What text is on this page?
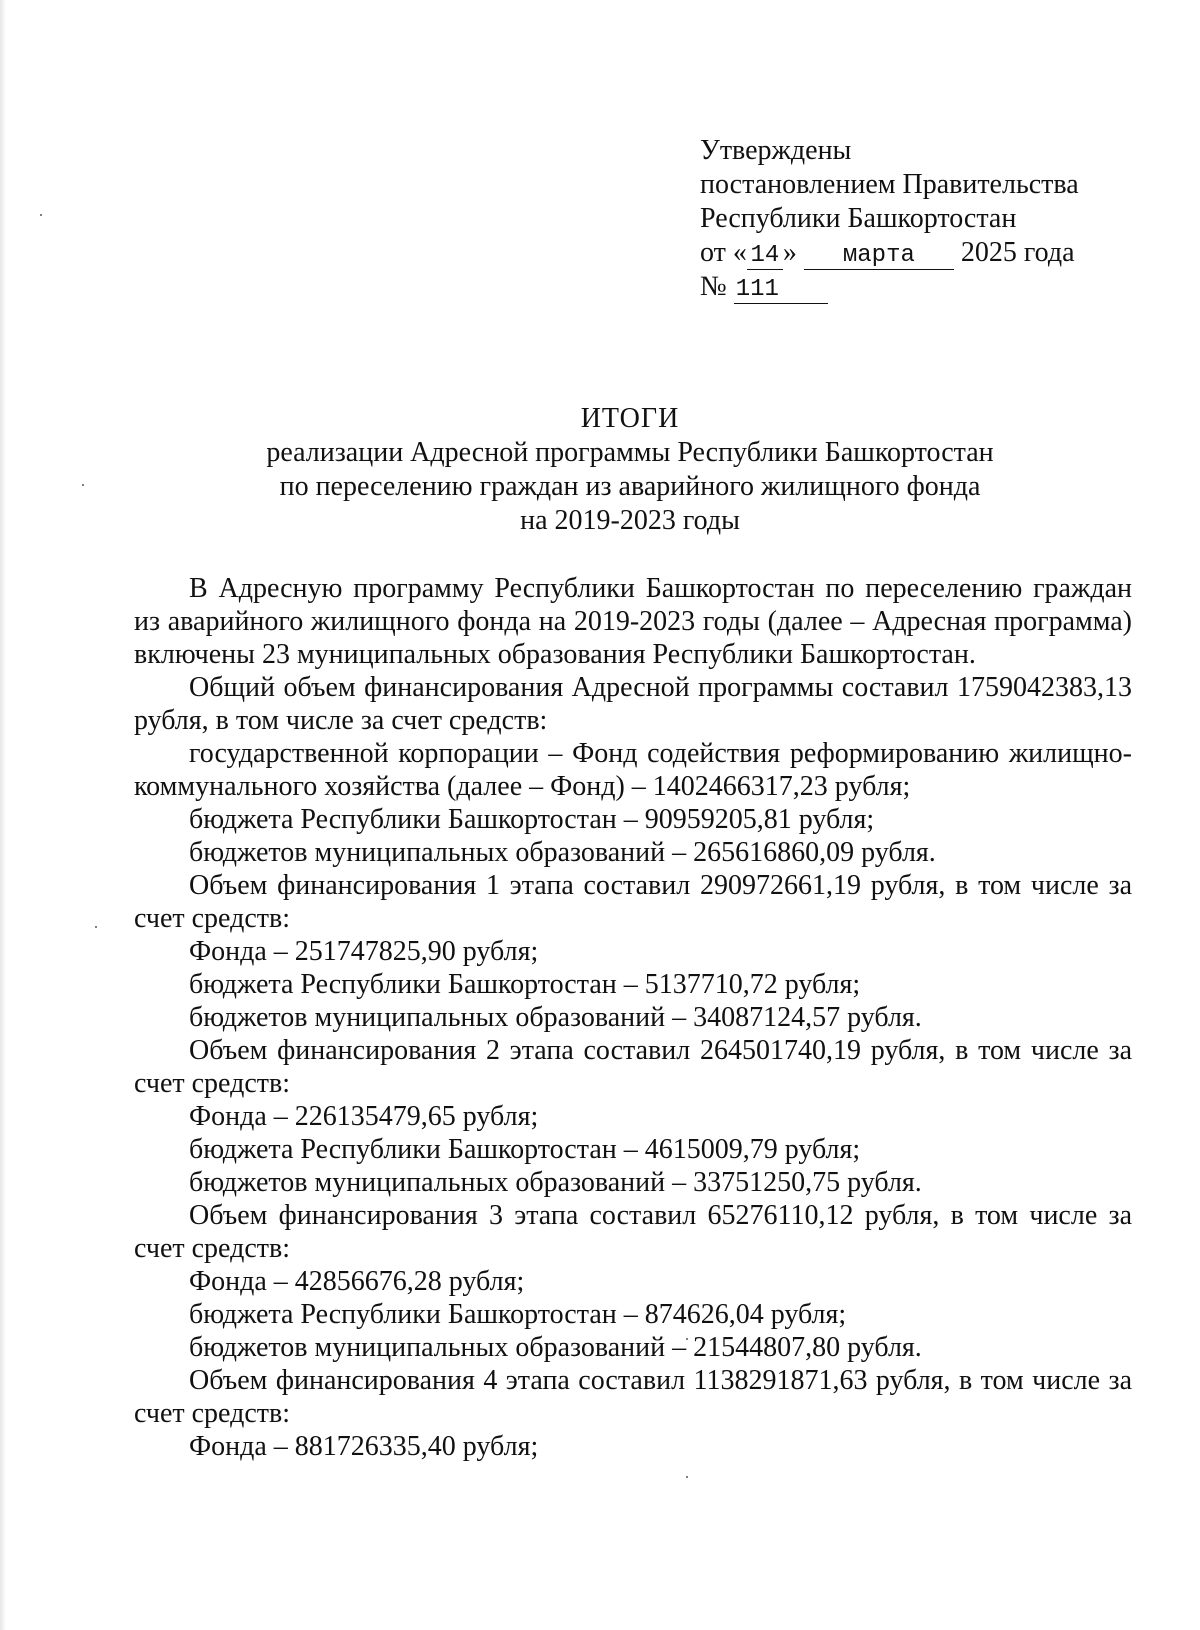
Утверждены
постановлением Правительства
Республики Башкортостан
от « 14 » марта 2025 года
№ 111
ИТОГИ
реализации Адресной программы Республики Башкортостан
по переселению граждан из аварийного жилищного фонда
на 2019-2023 годы

В Адресную программу Республики Башкортостан по переселению граждан из аварийного жилищного фонда на 2019-2023 годы (далее – Адресная программа) включены 23 муниципальных образования Республики Башкортостан.

Общий объем финансирования Адресной программы составил 1759042383,13 рубля, в том числе за счет средств:

государственной корпорации – Фонд содействия реформированию жилищно-коммунального хозяйства (далее – Фонд) – 1402466317,23 рубля;

бюджета Республики Башкортостан – 90959205,81 рубля;

бюджетов муниципальных образований – 265616860,09 рубля.

Объем финансирования 1 этапа составил 290972661,19 рубля, в том числе за счет средств:

Фонда – 251747825,90 рубля;

бюджета Республики Башкортостан – 5137710,72 рубля;

бюджетов муниципальных образований – 34087124,57 рубля.

Объем финансирования 2 этапа составил 264501740,19 рубля, в том числе за счет средств:

Фонда – 226135479,65 рубля;

бюджета Республики Башкортостан – 4615009,79 рубля;

бюджетов муниципальных образований – 33751250,75 рубля.

Объем финансирования 3 этапа составил 65276110,12 рубля, в том числе за счет средств:

Фонда – 42856676,28 рубля;

бюджета Республики Башкортостан – 874626,04 рубля;

бюджетов муниципальных образований – 21544807,80 рубля.

Объем финансирования 4 этапа составил 1138291871,63 рубля, в том числе за счет средств:

Фонда – 881726335,40 рубля;
